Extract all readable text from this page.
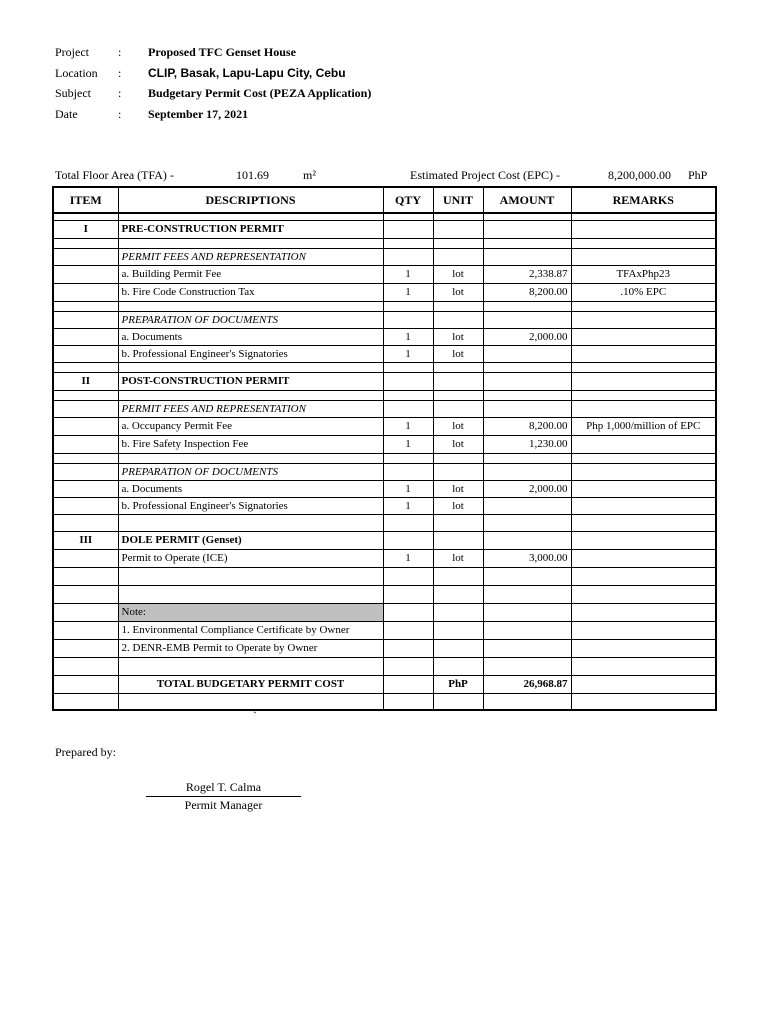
Project	: Proposed TFC Genset House
Location	: CLIP, Basak, Lapu-Lapu City, Cebu
Subject	: Budgetary Permit Cost (PEZA Application)
Date	: September 17, 2021
Total Floor Area (TFA) -	101.69	m²	Estimated Project Cost (EPC) -	8,200,000.00 PhP
ITEM	DESCRIPTIONS	QTY	UNIT	AMOUNT	REMARKS

I	PRE-CONSTRUCTION PERMIT				

	PERMIT FEES AND REPRESENTATION				
	a. Building Permit Fee	1	lot	2,338.87	TFAxPhp23
	b. Fire Code Construction Tax	1	lot	8,200.00	.10% EPC

	PREPARATION OF DOCUMENTS				
	a. Documents	1	lot	2,000.00	
	b. Professional Engineer's Signatories	1	lot		

II	POST-CONSTRUCTION PERMIT				

	PERMIT FEES AND REPRESENTATION				
	a. Occupancy Permit Fee	1	lot	8,200.00	Php 1,000/million of EPC
	b. Fire Safety Inspection Fee	1	lot	1,230.00	

	PREPARATION OF DOCUMENTS				
	a. Documents	1	lot	2,000.00	
	b. Professional Engineer's Signatories	1	lot		

III	DOLE PERMIT (Genset)				
	Permit to Operate (ICE)	1	lot	3,000.00	

	Note:				
	1. Environmental Compliance Certificate by Owner				
	2. DENR-EMB Permit to Operate by Owner				

	TOTAL BUDGETARY PERMIT COST		PhP	26,968.87	

`
Prepared by:
Rogel T. Calma
Permit Manager
